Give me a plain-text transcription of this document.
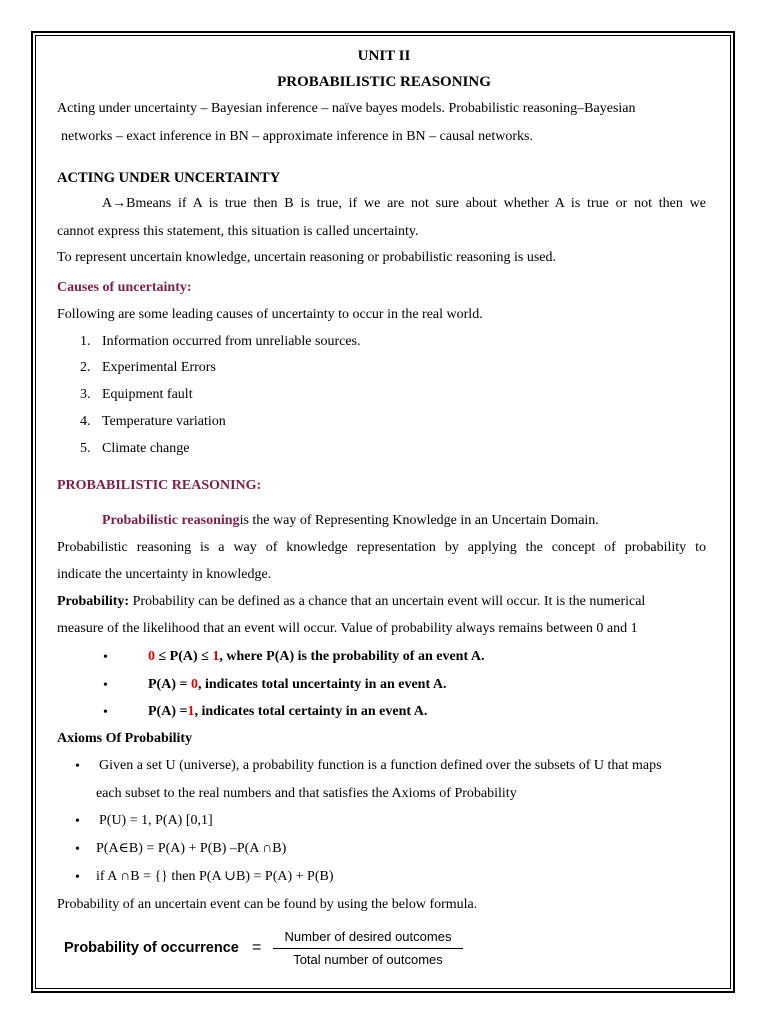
UNIT II
PROBABILISTIC REASONING
Acting under uncertainty – Bayesian inference – naïve bayes models. Probabilistic reasoning–Bayesian
networks – exact inference in BN – approximate inference in BN – causal networks.
ACTING UNDER UNCERTAINTY
A→Bmeans if A is true then B is true, if we are not sure about whether A is true or not then we
cannot express this statement, this situation is called uncertainty.
To represent uncertain knowledge, uncertain reasoning or probabilistic reasoning is used.
Causes of uncertainty:
Following are some leading causes of uncertainty to occur in the real world.
1. Information occurred from unreliable sources.
2. Experimental Errors
3. Equipment fault
4. Temperature variation
5. Climate change
PROBABILISTIC REASONING:
Probabilistic reasoningis the way of Representing Knowledge in an Uncertain Domain.
Probabilistic reasoning is a way of knowledge representation by applying the concept of probability to
indicate the uncertainty in knowledge.
Probability: Probability can be defined as a chance that an uncertain event will occur. It is the numerical
measure of the likelihood that an event will occur. Value of probability always remains between 0 and 1
•	0 ≤ P(A) ≤ 1, where P(A) is the probability of an event A.
•	P(A) = 0, indicates total uncertainty in an event A.
•	P(A) =1, indicates total certainty in an event A.
Axioms Of Probability
• Given a set U (universe), a probability function is a function defined over the subsets of U that maps
each subset to the real numbers and that satisfies the Axioms of Probability
• P(U) = 1, P(A) [0,1]
• P(A∈B) = P(A) + P(B) –P(A ∩B)
• if A ∩B = {} then P(A ∪B) = P(A) + P(B)
Probability of an uncertain event can be found by using the below formula.
Probability of occurrence =
Number of desired outcomes
Total number of outcomes
